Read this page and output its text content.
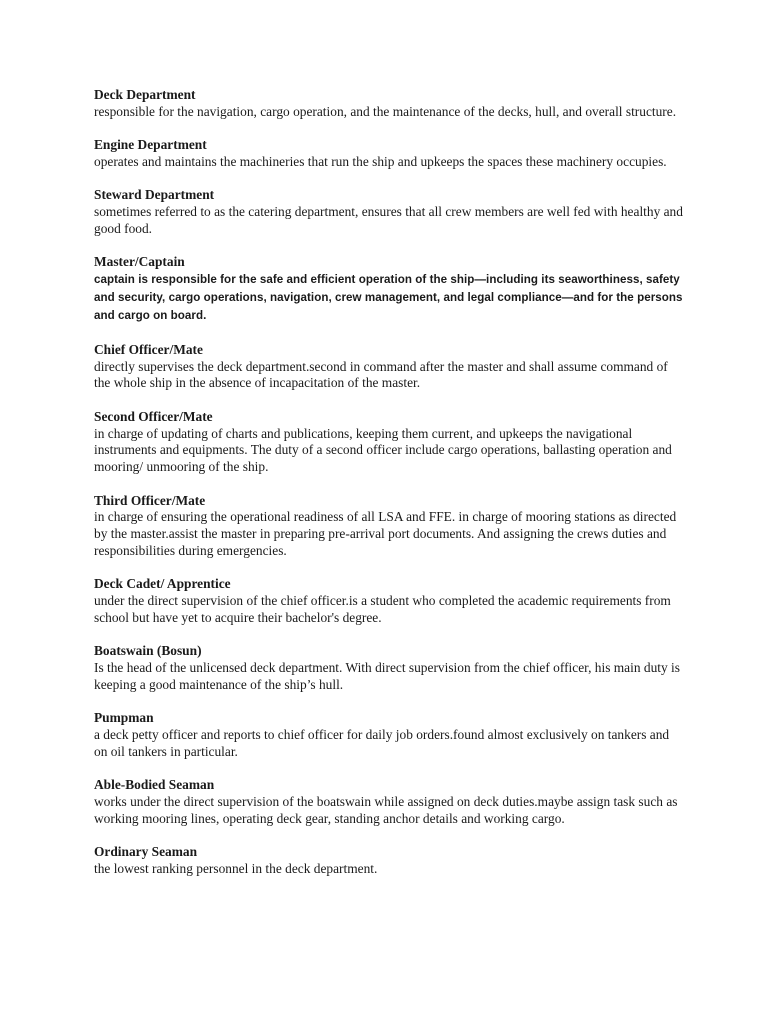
Deck Department
responsible for the navigation, cargo operation, and the maintenance of the decks, hull, and overall structure.
Engine Department
operates and maintains the machineries that run the ship and upkeeps the spaces these machinery occupies.
Steward Department
sometimes referred to as the catering department, ensures that all crew members are well fed with healthy and good food.
Master/Captain
captain is responsible for the safe and efficient operation of the ship—including its seaworthiness, safety and security, cargo operations, navigation, crew management, and legal compliance—and for the persons and cargo on board.
Chief Officer/Mate
directly supervises the deck department.second in command after the master and shall assume command of the whole ship in the absence of incapacitation of the master.
Second Officer/Mate
in charge of updating of charts and publications, keeping them current, and upkeeps the navigational instruments and equipments. The duty of a second officer include cargo operations, ballasting operation and mooring/ unmooring of the ship.
Third Officer/Mate
in charge of ensuring the operational readiness of all LSA and FFE. in charge of mooring stations as directed by the master.assist the master in preparing pre-arrival port documents. And assigning the crews duties and responsibilities during emergencies.
Deck Cadet/ Apprentice
under the direct supervision of the chief officer.is a student who completed the academic requirements from school but have yet to acquire their bachelor's degree.
Boatswain (Bosun)
Is the head of the unlicensed deck department. With direct supervision from the chief officer, his main duty is keeping a good maintenance of the ship’s hull.
Pumpman
a deck petty officer and reports to chief officer for daily job orders.found almost exclusively on tankers and on oil tankers in particular.
Able-Bodied Seaman
works under the direct supervision of the boatswain while assigned on deck duties.maybe assign task such as working mooring lines, operating deck gear, standing anchor details and working cargo.
Ordinary Seaman
the lowest ranking personnel in the deck department.
